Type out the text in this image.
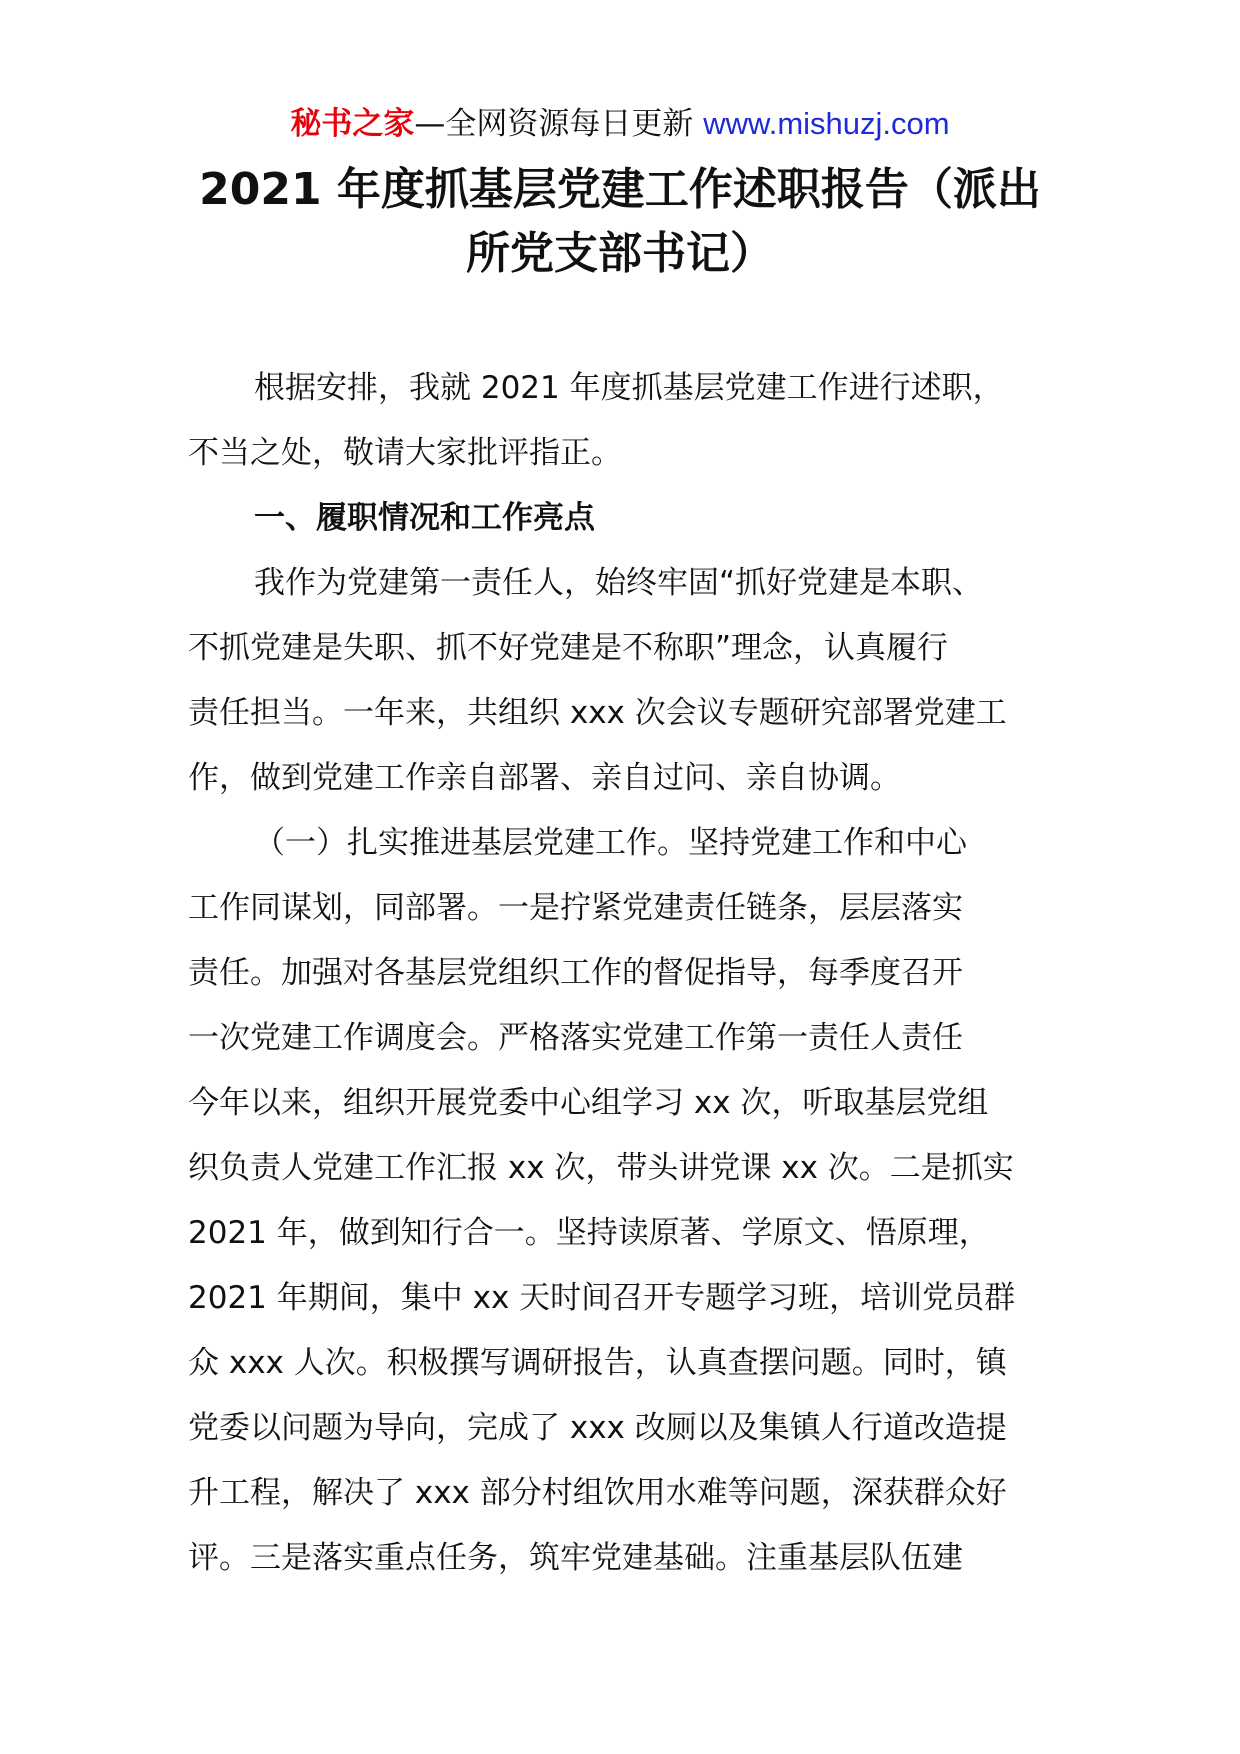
秘书之家—全网资源每日更新 www.mishuzj.com
2021 年度抓基层党建工作述职报告（派出
所党支部书记）
根据安排，我就 2021 年度抓基层党建工作进行述职，
不当之处，敬请大家批评指正。
一、履职情况和工作亮点
我作为党建第一责任人，始终牢固“抓好党建是本职、
不抓党建是失职、抓不好党建是不称职”理念，认真履行
责任担当。一年来，共组织 xxx 次会议专题研究部署党建工
作，做到党建工作亲自部署、亲自过问、亲自协调。
（一）扎实推进基层党建工作。坚持党建工作和中心
工作同谋划，同部署。一是拧紧党建责任链条，层层落实
责任。加强对各基层党组织工作的督促指导，每季度召开
一次党建工作调度会。严格落实党建工作第一责任人责任
今年以来，组织开展党委中心组学习 xx 次，听取基层党组
织负责人党建工作汇报 xx 次，带头讲党课 xx 次。二是抓实
2021 年，做到知行合一。坚持读原著、学原文、悟原理，
2021 年期间，集中 xx 天时间召开专题学习班，培训党员群
众 xxx 人次。积极撰写调研报告，认真查摆问题。同时，镇
党委以问题为导向，完成了 xxx 改厕以及集镇人行道改造提
升工程，解决了 xxx 部分村组饮用水难等问题，深获群众好
评。三是落实重点任务，筑牢党建基础。注重基层队伍建
